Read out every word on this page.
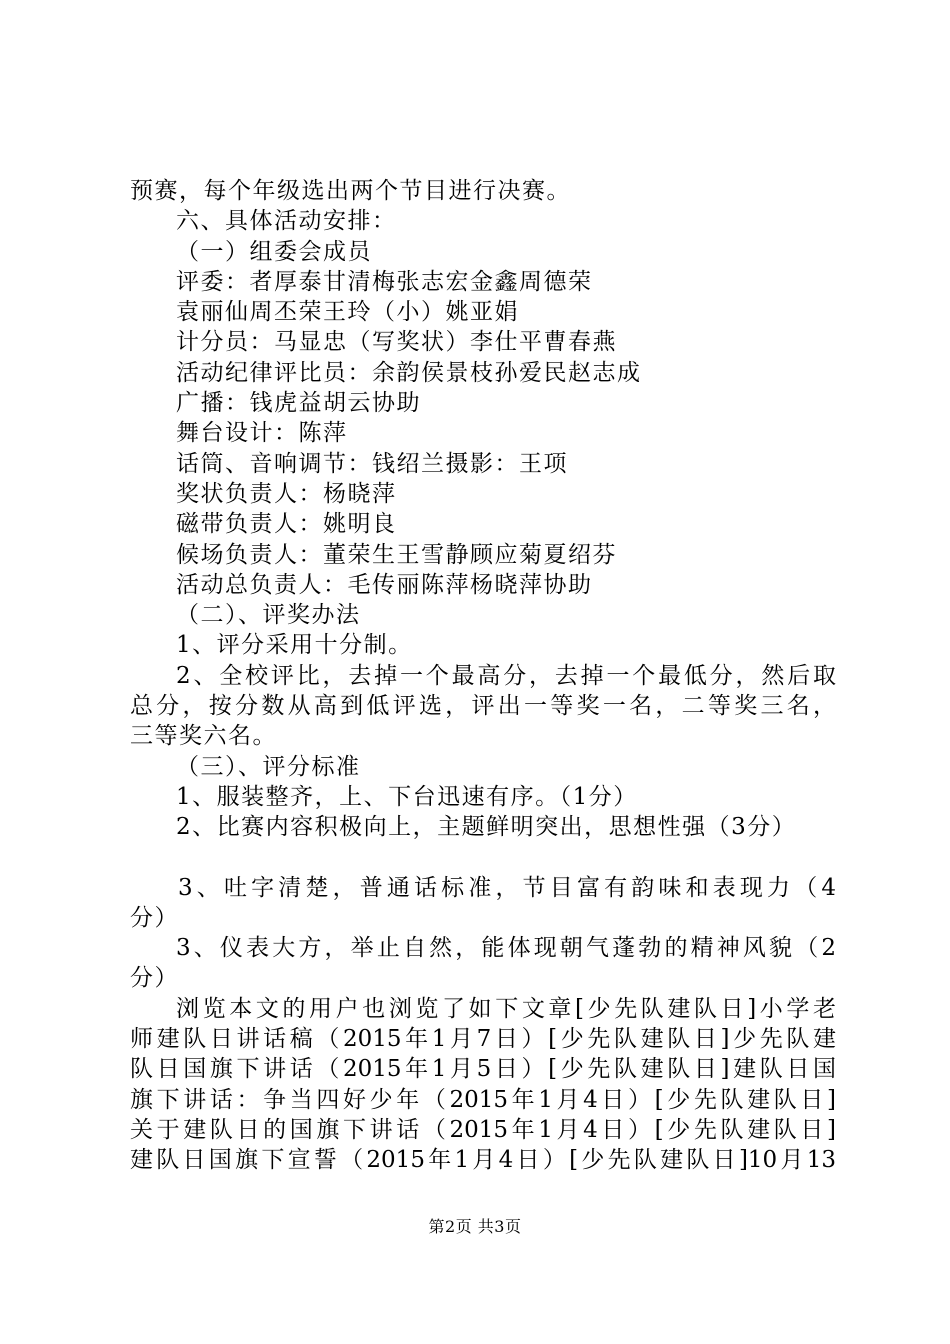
预赛，每个年级选出两个节目进行决赛。
六、具体活动安排：
（一）组委会成员
评委：者厚泰甘清梅张志宏金鑫周德荣
袁丽仙周丕荣王玲（小）姚亚娟
计分员：马显忠（写奖状）李仕平曹春燕
活动纪律评比员：余韵侯景枝孙爱民赵志成
广播：钱虎益胡云协助
舞台设计：陈萍
话筒、音响调节：钱绍兰摄影：王项
奖状负责人：杨晓萍
磁带负责人：姚明良
候场负责人：董荣生王雪静顾应菊夏绍芬
活动总负责人：毛传丽陈萍杨晓萍协助
（二）、评奖办法
1、评分采用十分制。
2、全校评比，去掉一个最高分，去掉一个最低分，然后取
总分，按分数从高到低评选，评出一等奖一名，二等奖三名，
三等奖六名。
（三）、评分标准
1、服装整齐，上、下台迅速有序。（1分）
2、比赛内容积极向上，主题鲜明突出，思想性强（3分）
3、吐字清楚，普通话标准，节目富有韵味和表现力（4
分）
3、仪表大方，举止自然，能体现朝气蓬勃的精神风貌（2
分）
浏览本文的用户也浏览了如下文章[少先队建队日]小学老
师建队日讲话稿（2015年1月7日）[少先队建队日]少先队建
队日国旗下讲话（2015年1月5日）[少先队建队日]建队日国
旗下讲话：争当四好少年（2015年1月4日）[少先队建队日]
关于建队日的国旗下讲话（2015年1月4日）[少先队建队日]
建队日国旗下宣誓（2015年1月4日）[少先队建队日]10月13
第2页 共3页
